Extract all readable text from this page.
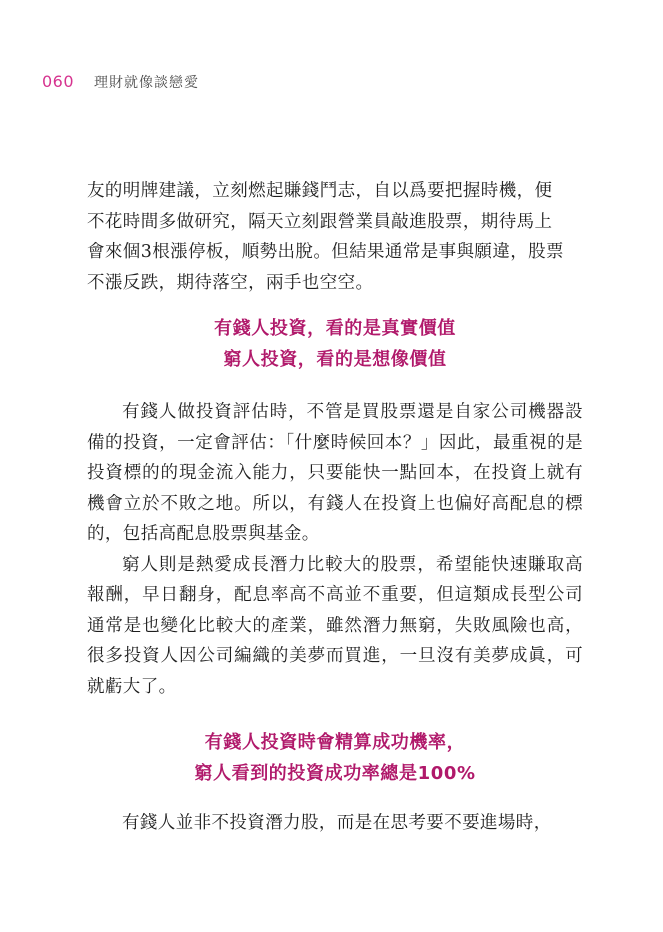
060	理財就像談戀愛

友的明牌建議，立刻燃起賺錢鬥志，自以爲要把握時機，便

不花時間多做研究，隔天立刻跟營業員敲進股票，期待馬上

會來個3根漲停板，順勢出脫。但結果通常是事與願違，股票

不漲反跌，期待落空，兩手也空空。

有錢人投資，看的是真實價值
窮人投資，看的是想像價值

有錢人做投資評估時，不管是買股票還是自家公司機器設備的投資，一定會評估：「什麼時候回本？」因此，最重視的是投資標的的現金流入能力，只要能快一點回本，在投資上就有機會立於不敗之地。所以，有錢人在投資上也偏好高配息的標的，包括高配息股票與基金。

窮人則是熱愛成長潛力比較大的股票，希望能快速賺取高報酬，早日翻身，配息率高不高並不重要，但這類成長型公司通常是也變化比較大的產業，雖然潛力無窮，失敗風險也高，很多投資人因公司編織的美夢而買進，一旦沒有美夢成眞，可就虧大了。

有錢人投資時會精算成功機率，
窮人看到的投資成功率總是100%

有錢人並非不投資潛力股，而是在思考要不要進場時，
